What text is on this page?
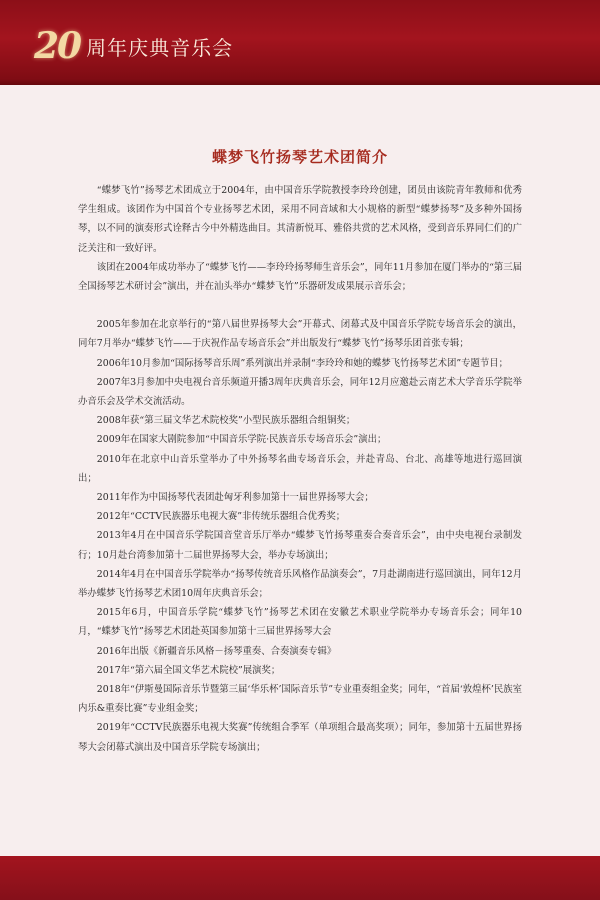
20 周年庆典音乐会
蝶梦飞竹扬琴艺术团简介

“蝶梦飞竹”扬琴艺术团成立于2004年，由中国音乐学院教授李玲玲创建，团员由该院青年教师和优秀学生组成。该团作为中国首个专业扬琴艺术团，采用不同音域和大小规格的新型“蝶梦扬琴”及多种外国扬琴，以不同的演奏形式诠释古今中外精选曲目。其清新悦耳、雅俗共赏的艺术风格，受到音乐界同仁们的广泛关注和一致好评。

该团在2004年成功举办了“蝶梦飞竹——李玲玲扬琴师生音乐会”，同年11月参加在厦门举办的“第三届全国扬琴艺术研讨会”演出，并在汕头举办“蝶梦飞竹”乐器研发成果展示音乐会；

2005年参加在北京举行的“第八届世界扬琴大会”开幕式、闭幕式及中国音乐学院专场音乐会的演出，同年7月举办“蝶梦飞竹——于庆祝作品专场音乐会”并出版发行“蝶梦飞竹”扬琴乐团首张专辑；

2006年10月参加“国际扬琴音乐周”系列演出并录制“李玲玲和她的蝶梦飞竹扬琴艺术团”专题节目；

2007年3月参加中央电视台音乐频道开播3周年庆典音乐会，同年12月应邀赴云南艺术大学音乐学院举办音乐会及学术交流活动。

2008年获“第三届文华艺术院校奖”小型民族乐器组合组铜奖；

2009年在国家大剧院参加“中国音乐学院·民族音乐专场音乐会”演出；

2010年在北京中山音乐堂举办了中外扬琴名曲专场音乐会，并赴青岛、台北、高雄等地进行巡回演出；

2011年作为中国扬琴代表团赴匈牙利参加第十一届世界扬琴大会；

2012年“CCTV民族器乐电视大赛”非传统乐器组合优秀奖；

2013年4月在中国音乐学院国音堂音乐厅举办“蝶梦飞竹扬琴重奏合奏音乐会”，由中央电视台录制发行；10月赴台湾参加第十二届世界扬琴大会，举办专场演出；

2014年4月在中国音乐学院举办“扬琴传统音乐风格作品演奏会”，7月赴湖南进行巡回演出，同年12月举办蝶梦飞竹扬琴艺术团10周年庆典音乐会；

2015年6月，中国音乐学院“蝶梦飞竹”扬琴艺术团在安徽艺术职业学院举办专场音乐会；同年10月，“蝶梦飞竹”扬琴艺术团赴英国参加第十三届世界扬琴大会

2016年出版《新疆音乐风格－扬琴重奏、合奏演奏专辑》

2017年“第六届全国文华艺术院校”展演奖；

2018年“伊斯曼国际音乐节暨第三届‘华乐杯’国际音乐节”专业重奏组金奖；同年，“首届‘敦煌杯’民族室内乐&重奏比赛”专业组金奖；

2019年“CCTV民族器乐电视大奖赛”传统组合季军（单项组合最高奖项）；同年，参加第十五届世界扬琴大会闭幕式演出及中国音乐学院专场演出；
